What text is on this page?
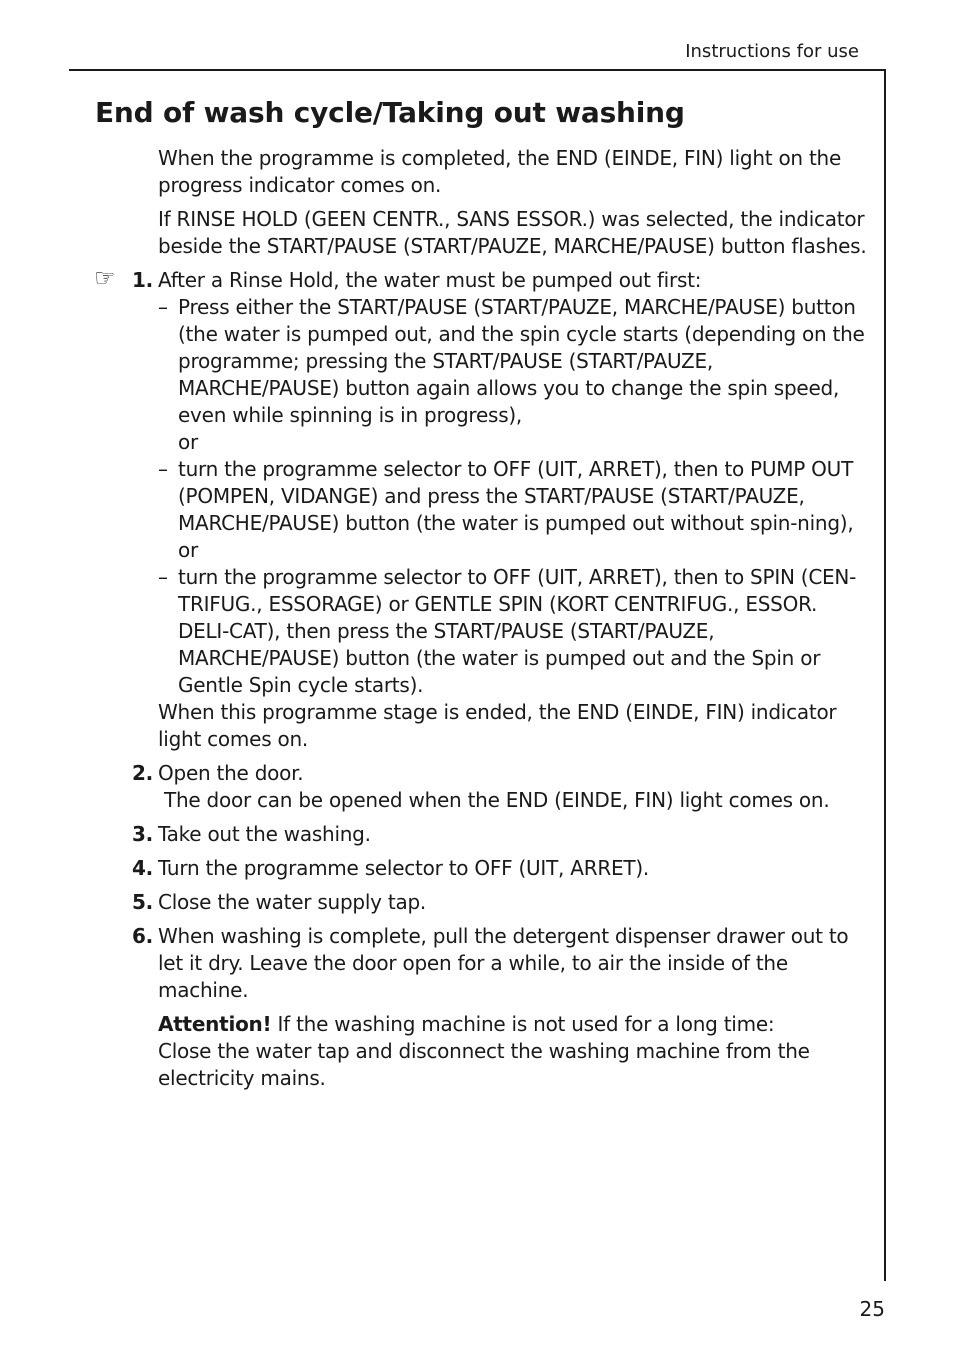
Instructions for use
End of wash cycle/Taking out washing

When the programme is completed, the END (EINDE, FIN) light on the progress indicator comes on.

If RINSE HOLD (GEEN CENTR., SANS ESSOR.) was selected, the indicator beside the START/PAUSE (START/PAUZE, MARCHE/PAUSE) button flashes.

☞ 1. After a Rinse Hold, the water must be pumped out first:
– Press either the START/PAUSE (START/PAUZE, MARCHE/PAUSE) button (the water is pumped out, and the spin cycle starts (depending on the programme; pressing the START/PAUSE (START/PAUZE, MARCHE/PAUSE) button again allows you to change the spin speed, even while spinning is in progress),
or
– turn the programme selector to OFF (UIT, ARRET), then to PUMP OUT (POMPEN, VIDANGE) and press the START/PAUSE (START/PAUZE, MARCHE/PAUSE) button (the water is pumped out without spin-ning),
or
– turn the programme selector to OFF (UIT, ARRET), then to SPIN (CEN-TRIFUG., ESSORAGE) or GENTLE SPIN (KORT CENTRIFUG., ESSOR. DELI-CAT), then press the START/PAUSE (START/PAUZE, MARCHE/PAUSE) button (the water is pumped out and the Spin or Gentle Spin cycle starts).

When this programme stage is ended, the END (EINDE, FIN) indicator light comes on.

2. Open the door.

The door can be opened when the END (EINDE, FIN) light comes on.

3. Take out the washing.
4. Turn the programme selector to OFF (UIT, ARRET).
5. Close the water supply tap.
6. When washing is complete, pull the detergent dispenser drawer out to let it dry. Leave the door open for a while, to air the inside of the machine.

Attention! If the washing machine is not used for a long time:
Close the water tap and disconnect the washing machine from the electricity mains.

25
